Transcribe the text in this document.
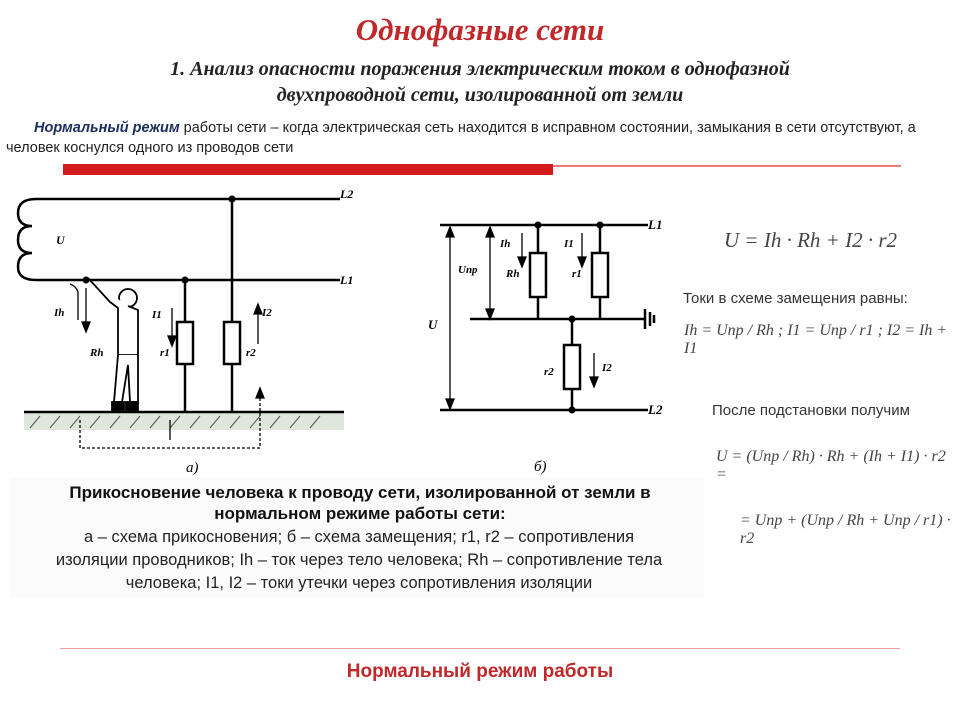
Однофазные сети
1. Анализ опасности поражения электрическим током в однофазной
двухпроводной сети, изолированной от земли
Нормальный режим работы сети – когда электрическая сеть находится в исправном состоянии, замыкания в сети отсутствуют, а человек коснулся одного из проводов сети
L2
L1
U
Ih
Rh
I1
r1
I2
r2
а)
L1
L2
Ih
Rh
I1
r1
I2
r2
Uпр
U
б)
U = Ih · Rh + I2 · r2
Токи в схеме замещения равны:
Ih = Uпр / Rh ; I1 = Uпр / r1 ; I2 = Ih + I1
После подстановки получим
U = (Uпр / Rh) · Rh + (Ih + I1) · r2 =
= Uпр + (Uпр / Rh + Uпр / r1) · r2
Прикосновение человека к проводу сети, изолированной от земли в
нормальном режиме работы сети:
а – схема прикосновения; б – схема замещения; r1, r2 – сопротивления
изоляции проводников; Ih – ток через тело человека; Rh – сопротивление тела
человека; I1, I2 – токи утечки через сопротивления изоляции
Нормальный режим работы
